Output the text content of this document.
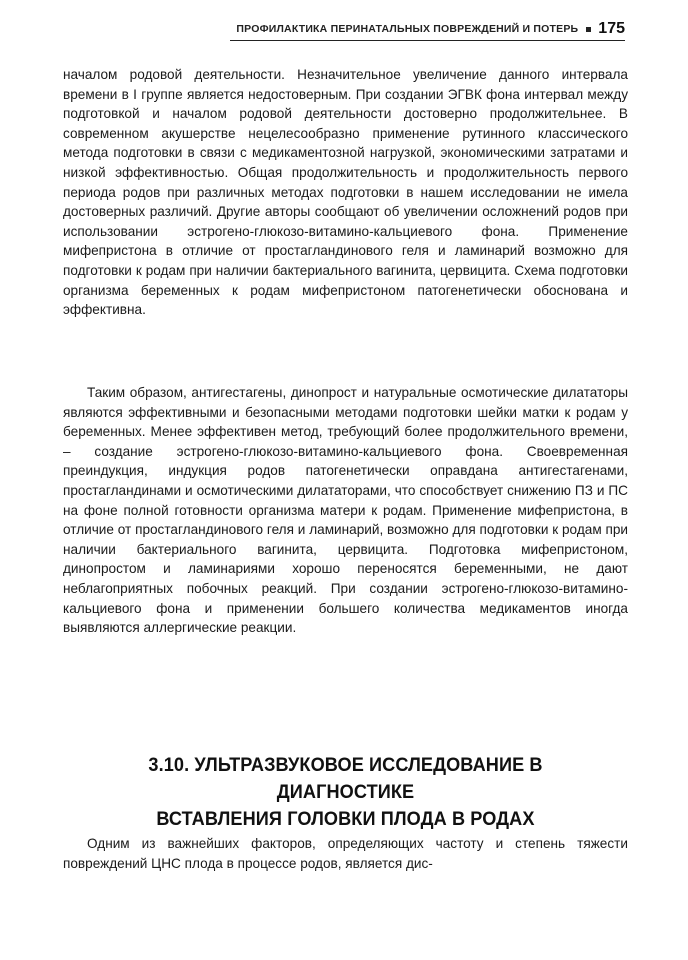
ПРОФИЛАКТИКА ПЕРИНАТАЛЬНЫХ ПОВРЕЖДЕНИЙ И ПОТЕРЬ 175

началом родовой деятельности. Незначительное увеличение данного интервала времени в I группе является недостоверным. При создании ЭГВК фона интервал между подготовкой и началом родовой деятельности достоверно продолжительнее. В современном акушерстве нецелесообразно применение рутинного классического метода подготовки в связи с медикаментозной нагрузкой, экономическими затратами и низкой эффективностью. Общая продолжительность и продолжительность первого периода родов при различных методах подготовки в нашем исследовании не имела достоверных различий. Другие авторы сообщают об увеличении осложнений родов при использовании эстрогено-глюкозо-витамино-кальциевого фона. Применение мифепристона в отличие от простагландинового геля и ламинарий возможно для подготовки к родам при наличии бактериального вагинита, цервицита. Схема подготовки организма беременных к родам мифепристоном патогенетически обоснована и эффективна.

Таким образом, антигестагены, динопрост и натуральные осмотические дилататоры являются эффективными и безопасными методами подготовки шейки матки к родам у беременных. Менее эффективен метод, требующий более продолжительного времени, – создание эстрогено-глюкозо-витамино-кальциевого фона. Своевременная преиндукция, индукция родов патогенетически оправдана антигестагенами, простагландинами и осмотическими дилататорами, что способствует снижению ПЗ и ПС на фоне полной готовности организма матери к родам. Применение мифепристона, в отличие от простагландинового геля и ламинарий, возможно для подготовки к родам при наличии бактериального вагинита, цервицита. Подготовка мифепристоном, динопростом и ламинариями хорошо переносятся беременными, не дают неблагоприятных побочных реакций. При создании эстрогено-глюкозо-витамино-кальциевого фона и применении большего количества медикаментов иногда выявляются аллергические реакции.

3.10. УЛЬТРАЗВУКОВОЕ ИССЛЕДОВАНИЕ В ДИАГНОСТИКЕ
ВСТАВЛЕНИЯ ГОЛОВКИ ПЛОДА В РОДАХ

Одним из важнейших факторов, определяющих частоту и степень тяжести повреждений ЦНС плода в процессе родов, является дис-
